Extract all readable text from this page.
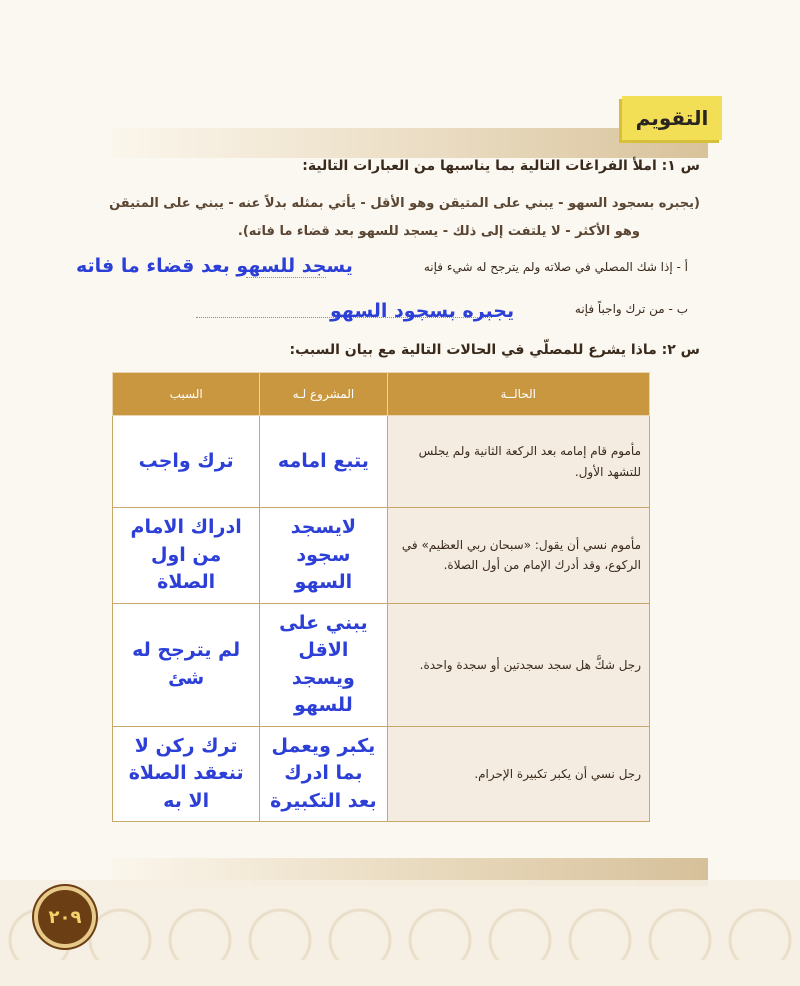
التقويم
س ١: املأ الفراغات التالية بما يناسبها من العبارات التالية:
(يجبره بسجود السهو - يبني على المتيقن وهو الأقل - يأتي بمثله بدلاً عنه - يبني على المتيقن
وهو الأكثر - لا يلتفت إلى ذلك - يسجد للسهو بعد قضاء ما فاته).
أ - إذا شك المصلي في صلاته ولم يترجح له شيء فإنه
يسجد للسهو بعد قضاء ما فاته
ب - من ترك واجباً فإنه
يجبره بسجود السهو
س ٢: ماذا يشرع للمصلّي في الحالات التالية مع بيان السبب:
الحالــة	المشروع لـه	السبب
مأموم قام إمامه بعد الركعة الثانية ولم يجلس للتشهد الأول.	يتبع امامه	ترك واجب
مأموم نسي أن يقول: «سبحان ربي العظيم» في الركوع، وقد أدرك الإمام من أول الصلاة.	لايسجد سجود السهو	ادراك الامام من اول الصلاة
رجل شكَّ هل سجد سجدتين أو سجدة واحدة.	يبني على الاقل ويسجد للسهو	لم يترجح له شئ
رجل نسي أن يكبر تكبيرة الإحرام.	يكبر ويعمل بما ادرك بعد التكبيرة	ترك ركن لا تنعقد الصلاة الا به
٢٠٩
